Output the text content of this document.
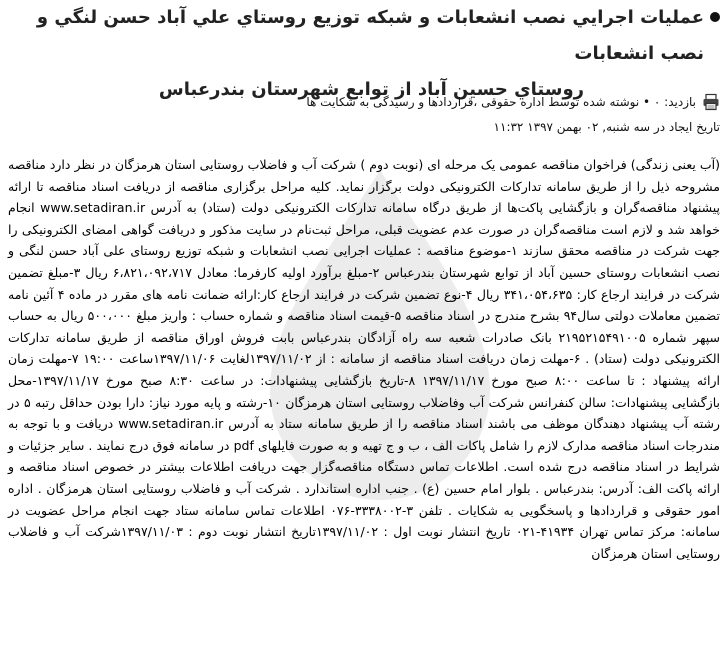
عمليات اجرايي نصب انشعابات و شبکه توزيع روستاي علي آباد حسن لنگي و نصب انشعابات
روستاي حسين آباد از توابع شهرستان بندرعباس
بازديد:

۰
•
نوشته شده توسط اداره حقوقی ،قراردادها و رسیدگی به شکایت ها
تاريخ ايجاد در سه شنبه, ۰۲ بهمن ۱۳۹۷ ۱۱:۳۲

(آب یعنی زندگی) فراخوان مناقصه عمومی یک مرحله ای (نوبت دوم ) شرکت آب و فاضلاب روستایی استان هرمزگان در نظر دارد مناقصه مشروحه ذیل را از طریق سامانه تدارکات الکترونیکی دولت برگزار نماید. کلیه مراحل برگزاری مناقصه از دریافت اسناد مناقصه تا ارائه پیشنهاد مناقصه‌گران و بازگشایی پاکت‌ها از طریق درگاه سامانه تدارکات الکترونیکی دولت (ستاد) به آدرس www.setadiran.ir انجام خواهد شد و لازم است مناقصه‌گران در صورت عدم عضویت قبلی، مراحل ثبت‌نام در سایت مذکور و دریافت گواهی امضای الکترونیکی را جهت شرکت در مناقصه محقق سازند ۱-موضوع مناقصه : عملیات اجرایی نصب انشعابات و شبکه توزیع روستای علی آباد حسن لنگی و نصب انشعابات روستای حسین آباد از توابع شهرستان بندرعباس ۲-مبلغ برآورد اولیه کارفرما: معادل ۶،۸۲۱،۰۹۲،۷۱۷ ریال ۳-مبلغ تضمین شرکت در فرایند ارجاع کار: ۳۴۱،۰۵۴،۶۳۵ ریال ۴-نوع تضمین شرکت در فرایند ارجاع کار:ارائه ضمانت نامه های مقرر در ماده ۴ آئین نامه تضمین معاملات دولتی سال۹۴ بشرح مندرج در اسناد مناقصه ۵-قیمت اسناد مناقصه و شماره حساب : واریز مبلغ ۵۰۰،۰۰۰ ریال به حساب سپهر شماره ۲۱۹۵۲۱۵۴۹۱۰۰۵ بانک صادرات شعبه سه راه آزادگان بندرعباس بابت فروش اوراق مناقصه از طریق سامانه تدارکات الکترونیکی دولت (ستاد) . ۶-مهلت زمان دریافت اسناد مناقصه از سامانه : از ۱۳۹۷/۱۱/۰۲لغایت ۱۳۹۷/۱۱/۰۶ساعت ۱۹:۰۰ ۷-مهلت زمان ارائه پیشنهاد : تا ساعت ۸:۰۰ صبح مورخ ۱۳۹۷/۱۱/۱۷ ۸-تاریخ بازگشایی پیشنهادات: در ساعت ۸:۳۰ صبح مورخ ۱۳۹۷/۱۱/۱۷-محل بازگشایی پیشنهادات: سالن کنفرانس شرکت آب وفاضلاب روستایی استان هرمزگان ۱۰-رشته و پایه مورد نیاز: دارا بودن حداقل رتبه ۵ در رشته آب پیشنهاد دهندگان موظف می باشند اسناد مناقصه را از طریق سامانه ستاد به آدرس www.setadiran.ir دریافت و با توجه به مندرجات اسناد مناقصه مدارک لازم را شامل پاکات الف ، ب و ج تهیه و به صورت فایلهای pdf در سامانه فوق درج نمایند . سایر جزئیات و شرایط در اسناد مناقصه درج شده است. اطلاعات تماس دستگاه مناقصه‌گزار جهت دریافت اطلاعات بیشتر در خصوص اسناد مناقصه و ارائه پاکت الف: آدرس: بندرعباس . بلوار امام حسین (ع) . جنب اداره استاندارد . شرکت آب و فاضلاب روستایی استان هرمزگان . اداره امور حقوقی و قراردادها و پاسخگویی به شکایات . تلفن ۳-۳۳۳۸۰۰۲-۰۷۶ اطلاعات تماس سامانه ستاد جهت انجام مراحل عضویت در سامانه: مرکز تماس تهران ۴۱۹۳۴-۰۲۱ تاریخ انتشار نوبت اول : ۱۳۹۷/۱۱/۰۲تاریخ انتشار نوبت دوم : ۱۳۹۷/۱۱/۰۳شرکت آب و فاضلاب روستایی استان هرمزگان
